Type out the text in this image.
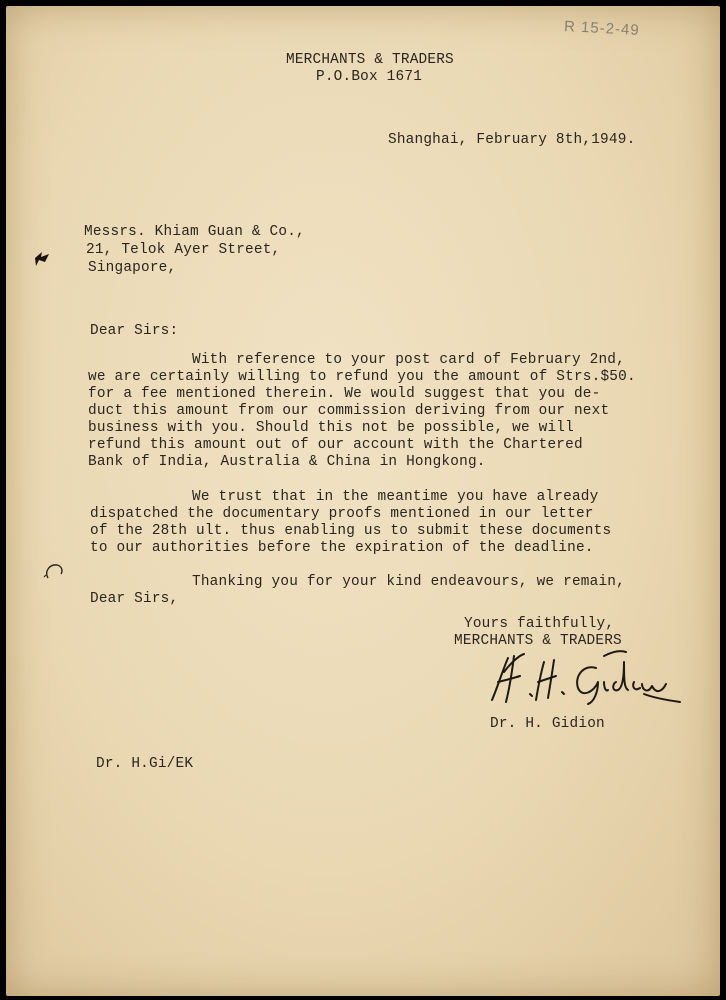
R 15-2-49
MERCHANTS & TRADERS
P.O.Box 1671
Shanghai, February 8th,1949.
Messrs. Khiam Guan & Co.,
21, Telok Ayer Street,
Singapore,
Dear Sirs:
With reference to your post card of February 2nd,
we are certainly willing to refund you the amount of Strs.$50.
for a fee mentioned therein. We would suggest that you de-
duct this amount from our commission deriving from our next
business with you. Should this not be possible, we will
refund this amount out of our account with the Chartered
Bank of India, Australia & China in Hongkong.
We trust that in the meantime you have already
dispatched the documentary proofs mentioned in our letter
of the 28th ult. thus enabling us to submit these documents
to our authorities before the expiration of the deadline.
Thanking you for your kind endeavours, we remain,
Dear Sirs,
Yours faithfully,
MERCHANTS & TRADERS
Dr. H. Gidion
Dr. H.Gi/EK
